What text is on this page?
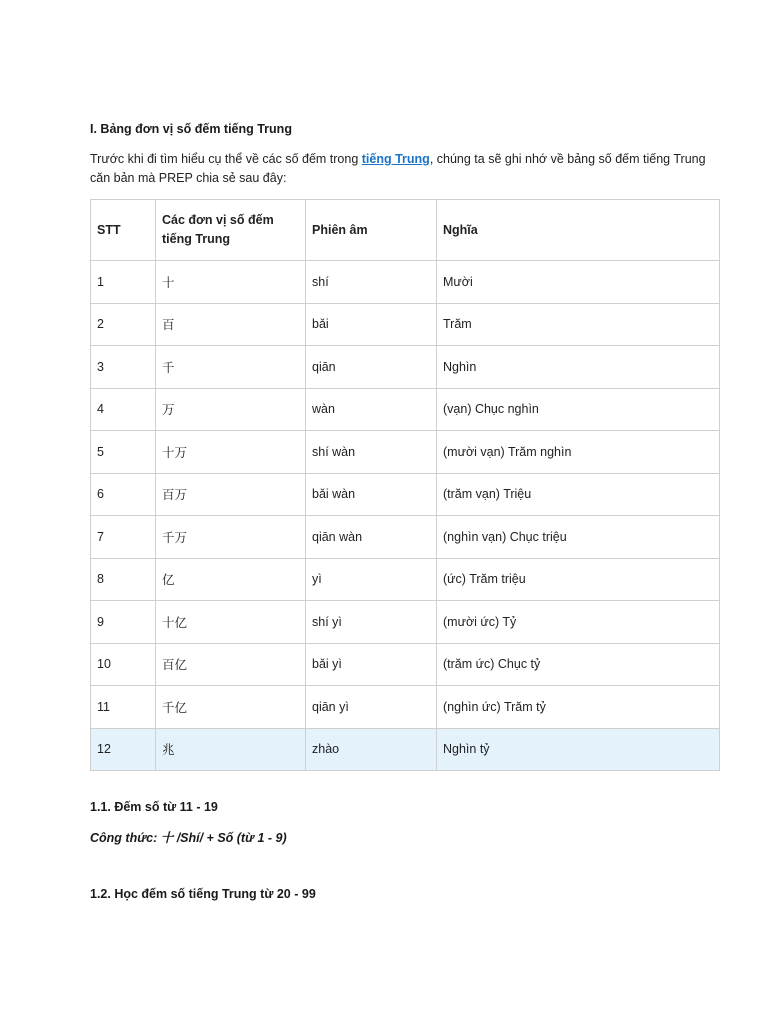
I. Bảng đơn vị số đếm tiếng Trung

Trước khi đi tìm hiểu cụ thể về các số đếm trong tiếng Trung, chúng ta sẽ ghi nhớ về bảng số đếm tiếng Trung căn bản mà PREP chia sẻ sau đây:

STT	Các đơn vị số đếm tiếng Trung	Phiên âm	Nghĩa
1	十	shí	Mười
2	百	bǎi	Trăm
3	千	qiān	Nghìn
4	万	wàn	(vạn) Chục nghìn
5	十万	shí wàn	(mười vạn) Trăm nghìn
6	百万	bǎi wàn	(trăm vạn) Triệu
7	千万	qiān wàn	(nghìn vạn) Chục triệu
8	亿	yì	(ức) Trăm triệu
9	十亿	shí yì	(mười ức) Tỷ
10	百亿	bǎi yì	(trăm ức) Chục tỷ
11	千亿	qiān yì	(nghìn ức) Trăm tỷ
12	兆	zhào	Nghìn tỷ
1.1. Đếm số từ 11 - 19
Công thức: 十 /Shí/ + Số (từ 1 - 9)
1.2. Học đếm số tiếng Trung từ 20 - 99
